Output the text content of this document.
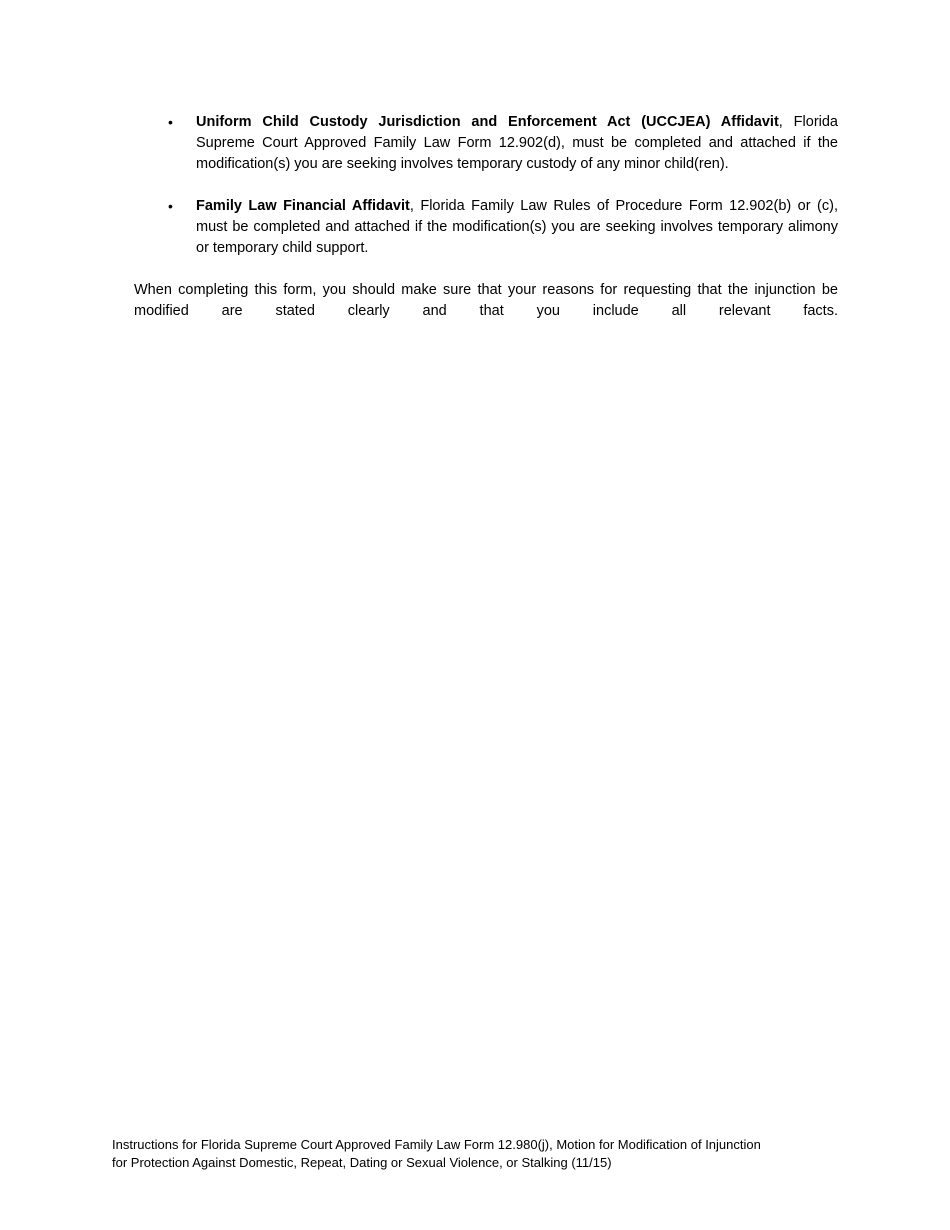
• Uniform Child Custody Jurisdiction and Enforcement Act (UCCJEA) Affidavit, Florida Supreme Court Approved Family Law Form 12.902(d), must be completed and attached if the modification(s) you are seeking involves temporary custody of any minor child(ren).
• Family Law Financial Affidavit, Florida Family Law Rules of Procedure Form 12.902(b) or (c), must be completed and attached if the modification(s) you are seeking involves temporary alimony or temporary child support.

When completing this form, you should make sure that your reasons for requesting that the injunction be modified are stated clearly and that you include all relevant facts.

Instructions for Florida Supreme Court Approved Family Law Form 12.980(j), Motion for Modification of Injunction
for Protection Against Domestic, Repeat, Dating or Sexual Violence, or Stalking (11/15)
